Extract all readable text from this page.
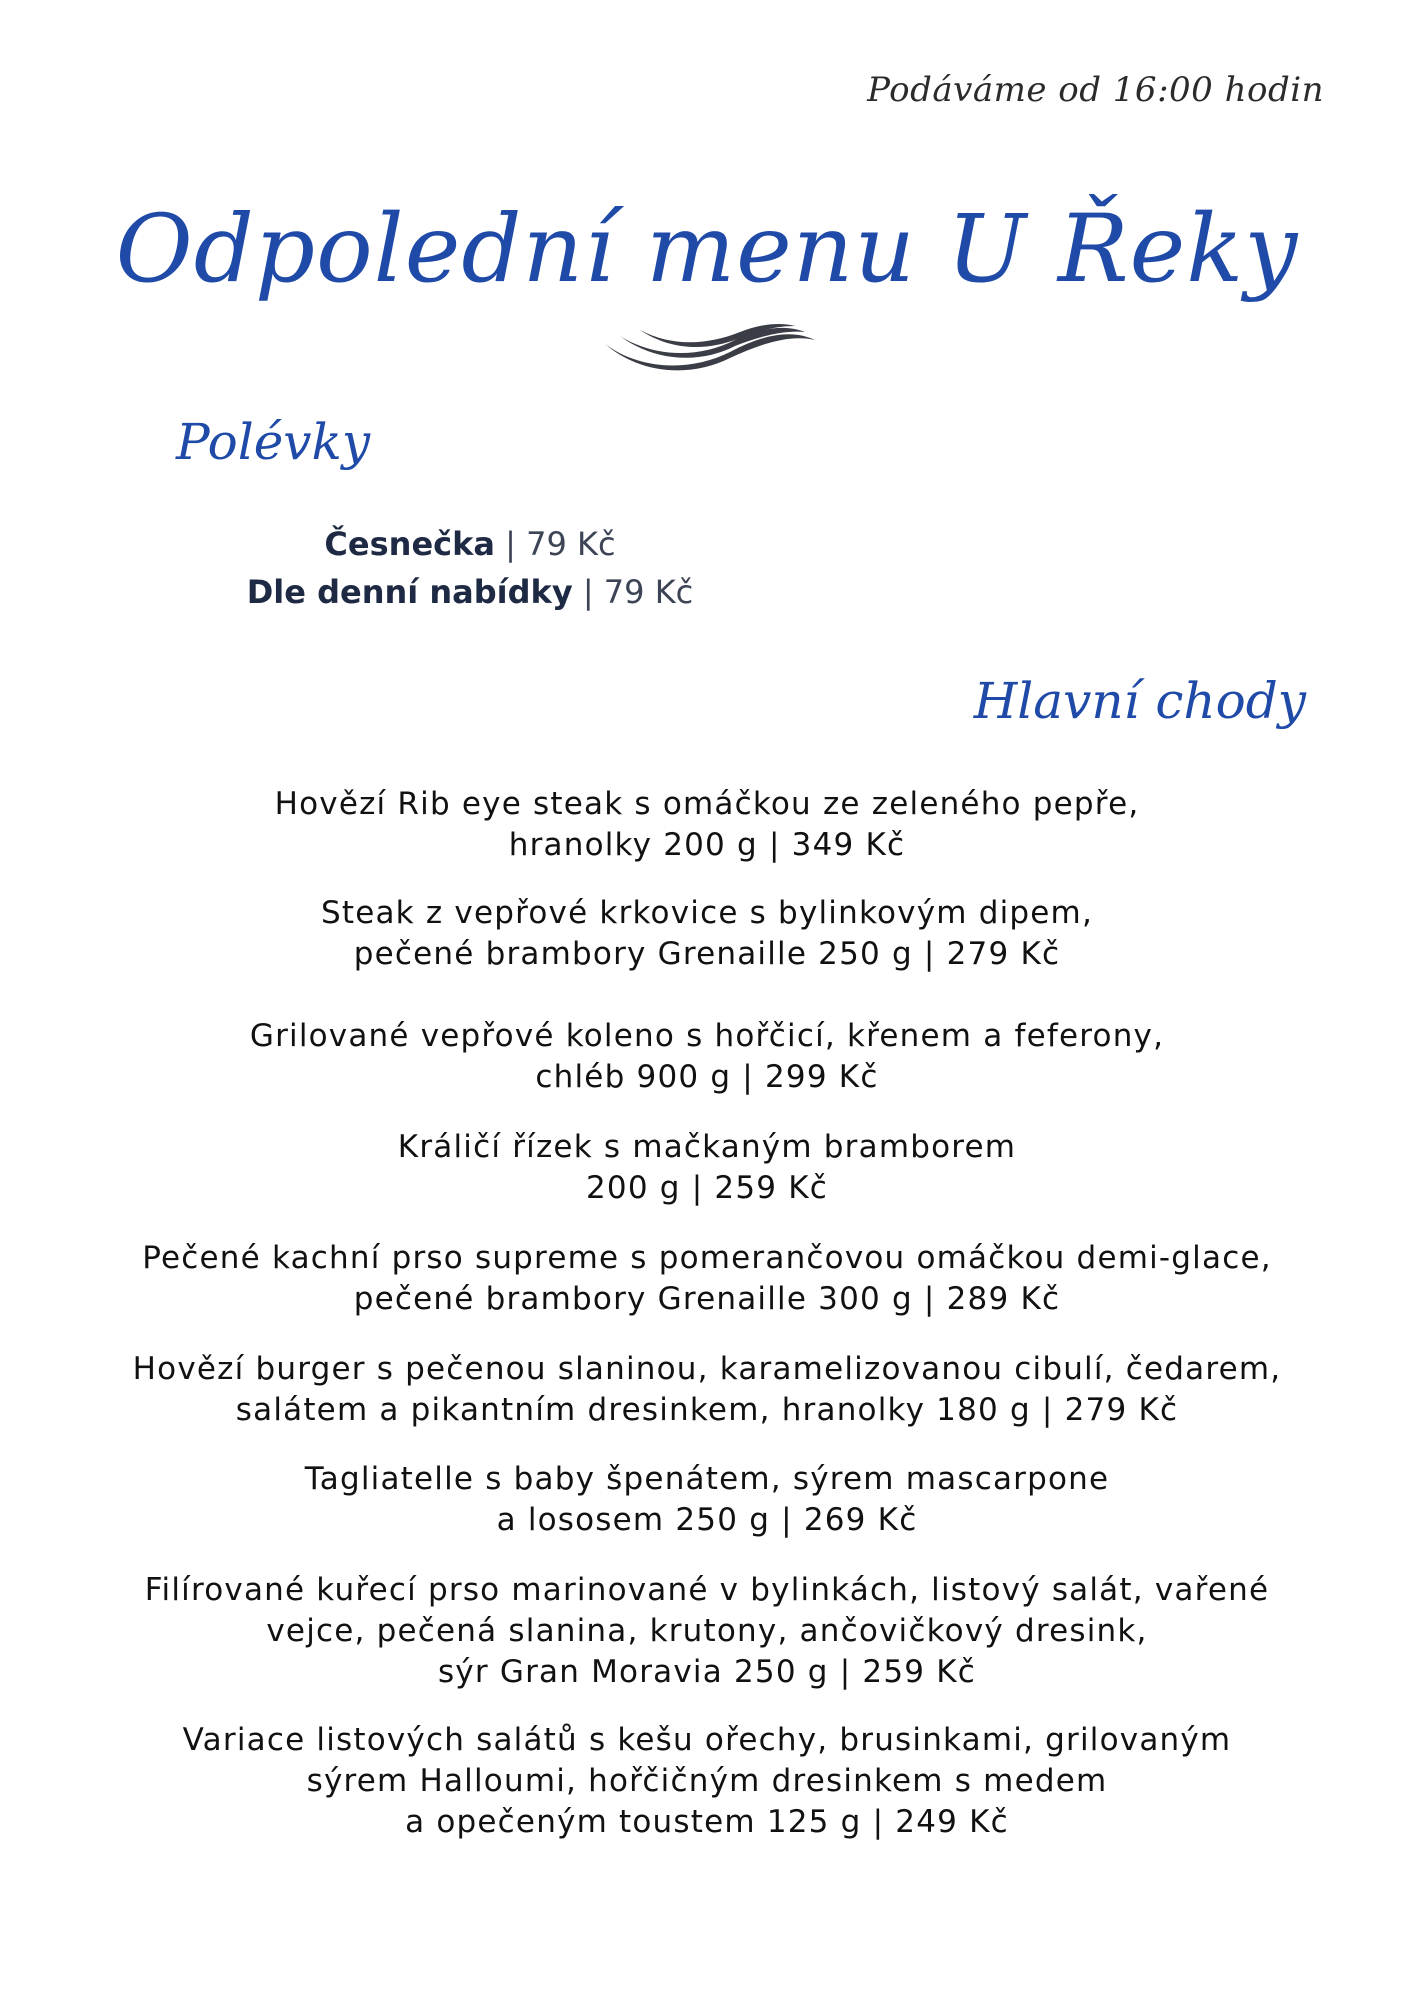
Podáváme od 16:00 hodin
Odpolední menu U Řeky
Polévky
Česnečka | 79 Kč
Dle denní nabídky | 79 Kč
Hlavní chody
Hovězí Rib eye steak s omáčkou ze zeleného pepře,
hranolky 200 g | 349 Kč
Steak z vepřové krkovice s bylinkovým dipem,
pečené brambory Grenaille 250 g | 279 Kč
Grilované vepřové koleno s hořčicí, křenem a feferony,
chléb 900 g | 299 Kč
Králičí řízek s mačkaným bramborem
200 g | 259 Kč
Pečené kachní prso supreme s pomerančovou omáčkou demi-glace,
pečené brambory Grenaille 300 g | 289 Kč
Hovězí burger s pečenou slaninou, karamelizovanou cibulí, čedarem,
salátem a pikantním dresinkem, hranolky 180 g | 279 Kč
Tagliatelle s baby špenátem, sýrem mascarpone
a lososem 250 g | 269 Kč
Filírované kuřecí prso marinované v bylinkách, listový salát, vařené
vejce, pečená slanina, krutony, ančovičkový dresink,
sýr Gran Moravia 250 g | 259 Kč
Variace listových salátů s kešu ořechy, brusinkami, grilovaným
sýrem Halloumi, hořčičným dresinkem s medem
a opečeným toustem 125 g | 249 Kč
